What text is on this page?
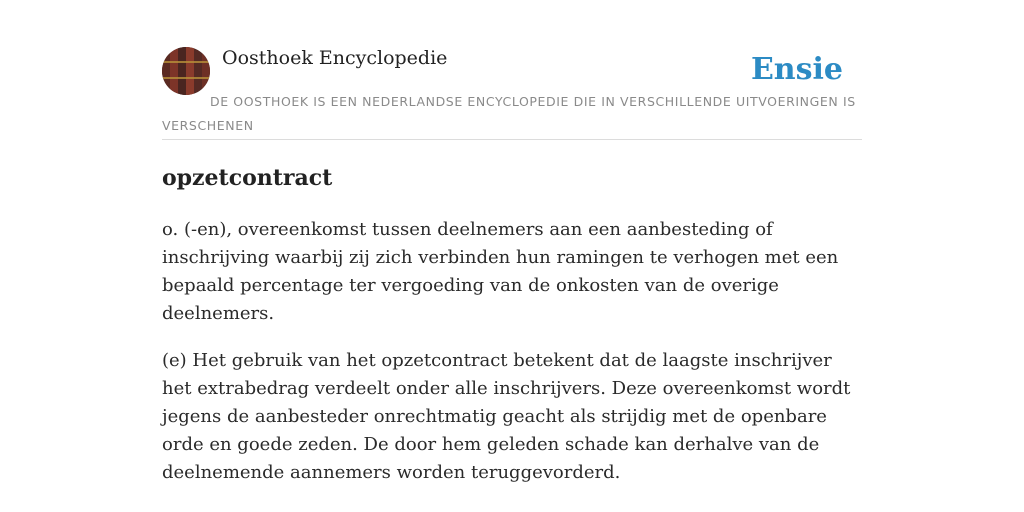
Oosthoek Encyclopedie	Ensie
DE OOSTHOEK IS EEN NEDERLANDSE ENCYCLOPEDIE DIE IN VERSCHILLENDE UITVOERINGEN IS VERSCHENEN
opzetcontract

o. (-en), overeenkomst tussen deelnemers aan een aanbesteding of inschrijving waarbij zij zich verbinden hun ramingen te verhogen met een bepaald percentage ter vergoeding van de onkosten van de overige deelnemers.

(e) Het gebruik van het opzetcontract betekent dat de laagste inschrijver het extrabedrag verdeelt onder alle inschrijvers. Deze overeenkomst wordt jegens de aanbesteder onrechtmatig geacht als strijdig met de openbare orde en goede zeden. De door hem geleden schade kan derhalve van de deelnemende aannemers worden teruggevorderd.
